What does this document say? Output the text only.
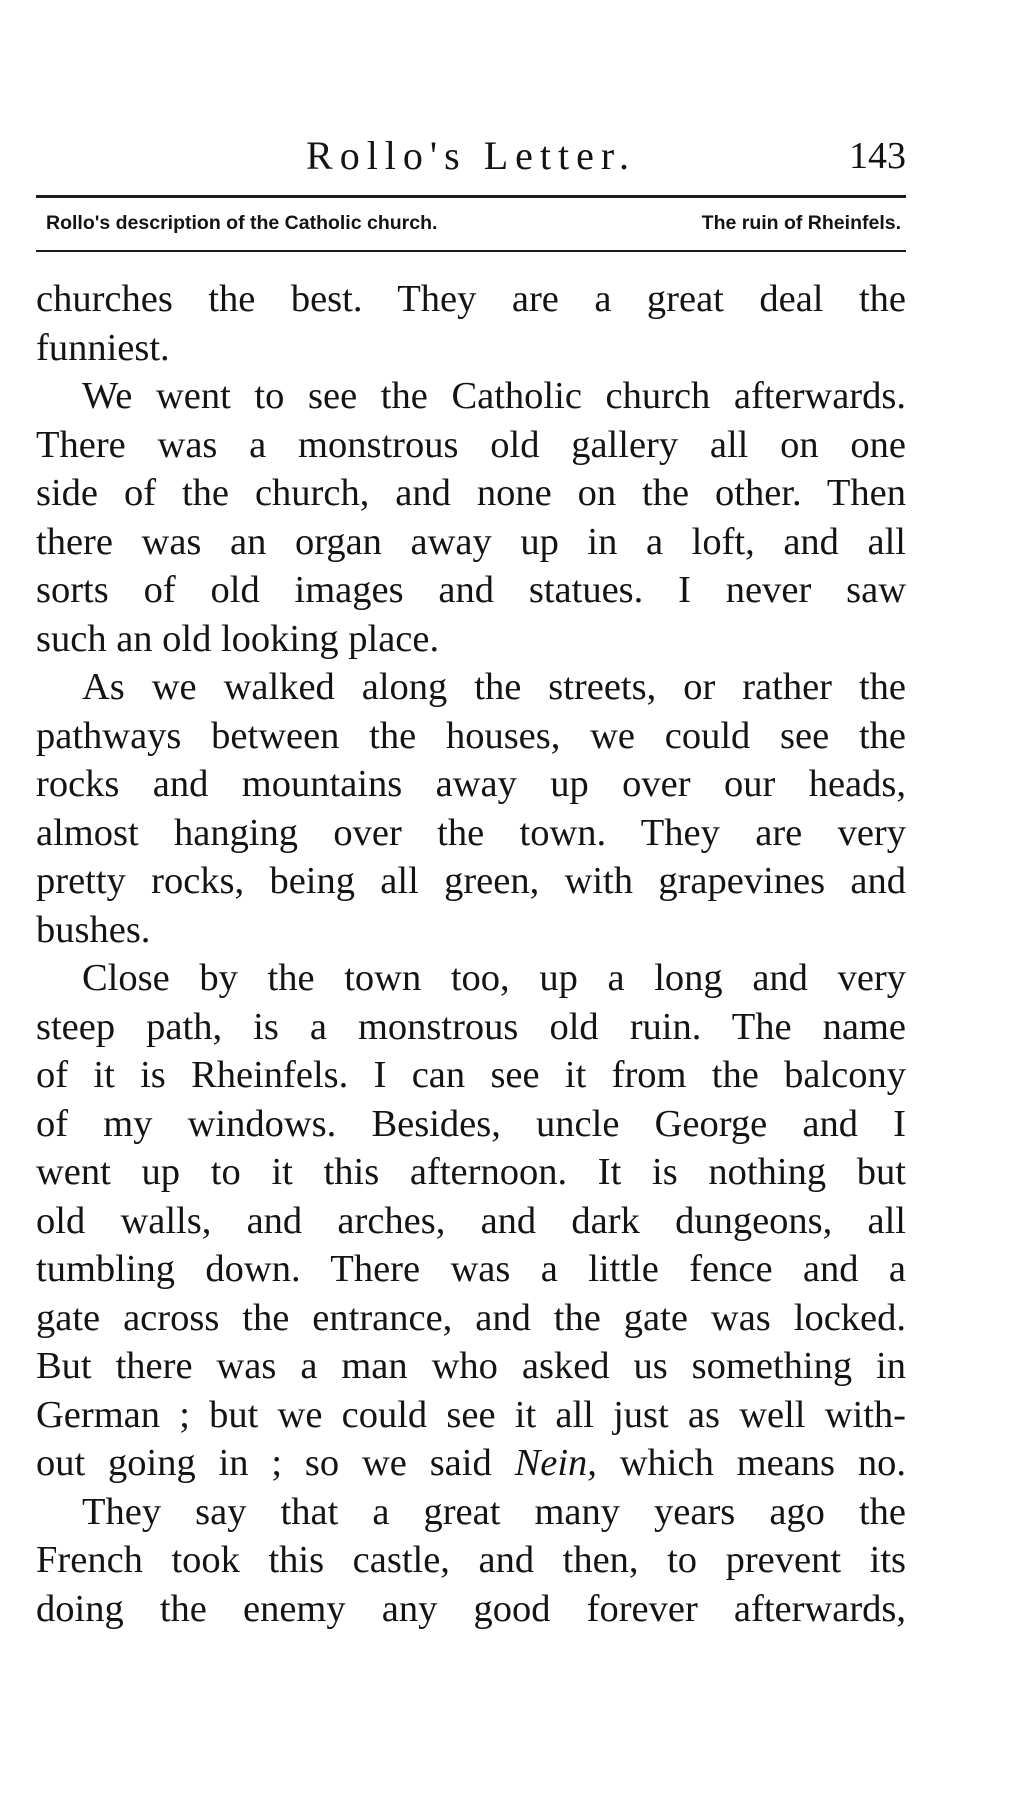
Rollo's Letter.	143
Rollo's description of the Catholic church.	The ruin of Rheinfels.
churches the best. They are a great deal the
funniest.
We went to see the Catholic church afterwards.
There was a monstrous old gallery all on one
side of the church, and none on the other. Then
there was an organ away up in a loft, and all
sorts of old images and statues. I never saw
such an old looking place.
As we walked along the streets, or rather the
pathways between the houses, we could see the
rocks and mountains away up over our heads,
almost hanging over the town. They are very
pretty rocks, being all green, with grapevines and
bushes.
Close by the town too, up a long and very
steep path, is a monstrous old ruin. The name
of it is Rheinfels. I can see it from the balcony
of my windows. Besides, uncle George and I
went up to it this afternoon. It is nothing but
old walls, and arches, and dark dungeons, all
tumbling down. There was a little fence and a
gate across the entrance, and the gate was locked.
But there was a man who asked us something in
German ; but we could see it all just as well with-
out going in ; so we said Nein, which means no.
They say that a great many years ago the
French took this castle, and then, to prevent its
doing the enemy any good forever afterwards,
